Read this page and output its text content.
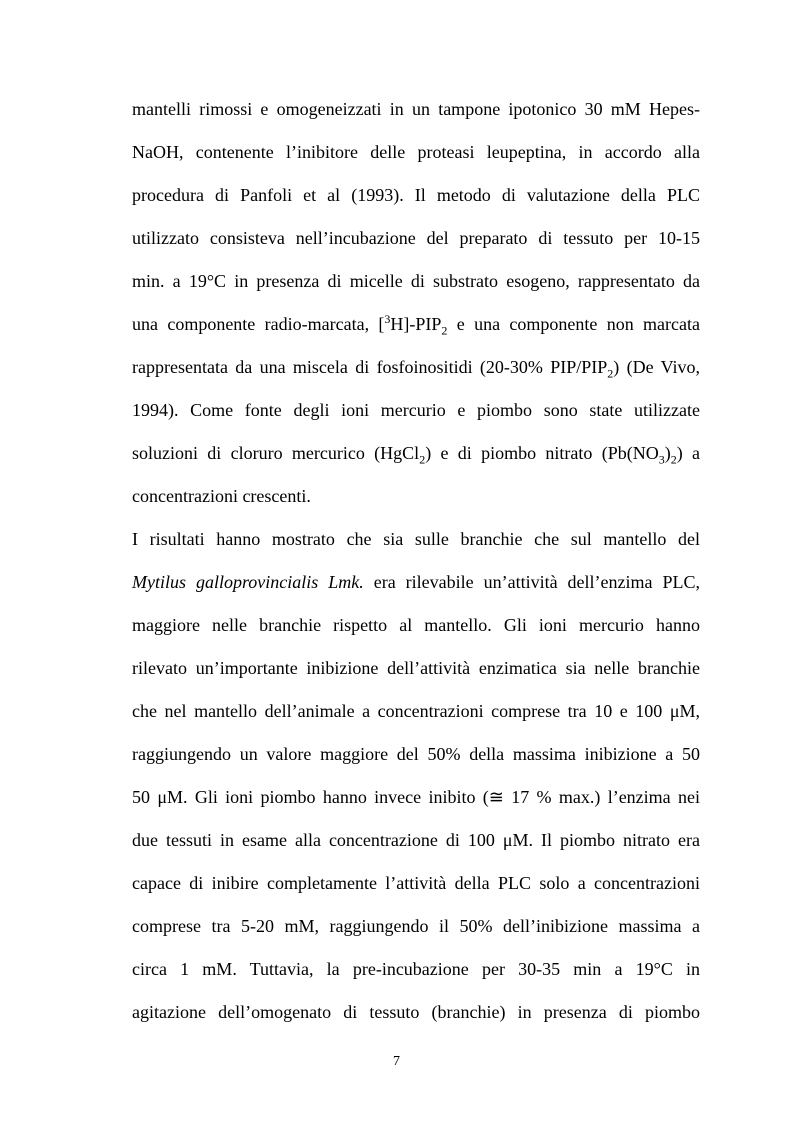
mantelli rimossi e omogeneizzati in un tampone ipotonico 30 mM Hepes-
NaOH, contenente l’inibitore delle proteasi leupeptina, in accordo alla
procedura di Panfoli et al (1993). Il metodo di valutazione della PLC
utilizzato consisteva nell’incubazione del preparato di tessuto per 10-15
min. a 19°C in presenza di micelle di substrato esogeno, rappresentato da
una componente radio-marcata, $[^3H]-PIP_2$ e una componente non marcata
rappresentata da una miscela di fosfoinositidi (20-30% PIP/$PIP_2$) (De Vivo,
1994). Come fonte degli ioni mercurio e piombo sono state utilizzate
soluzioni di cloruro mercurico (HgCl$_2$) e di piombo nitrato $(Pb(NO_3)_2)$ a
concentrazioni crescenti.
I risultati hanno mostrato che sia sulle branchie che sul mantello del
Mytilus galloprovincialis Lmk. era rilevabile un’attività dell’enzima PLC,
maggiore nelle branchie rispetto al mantello. Gli ioni mercurio hanno
rilevato un’importante inibizione dell’attività enzimatica sia nelle branchie
che nel mantello dell’animale a concentrazioni comprese tra 10 e 100 μM,
raggiungendo un valore maggiore del 50% della massima inibizione a 50
50 μM. Gli ioni piombo hanno invece inibito (≅ 17 % max.) l’enzima nei
due tessuti in esame alla concentrazione di 100 μM. Il piombo nitrato era
capace di inibire completamente l’attività della PLC solo a concentrazioni
comprese tra 5-20 mM, raggiungendo il 50% dell’inibizione massima a
circa 1 mM. Tuttavia, la pre-incubazione per 30-35 min a 19°C in
agitazione dell’omogenato di tessuto (branchie) in presenza di piombo
7
